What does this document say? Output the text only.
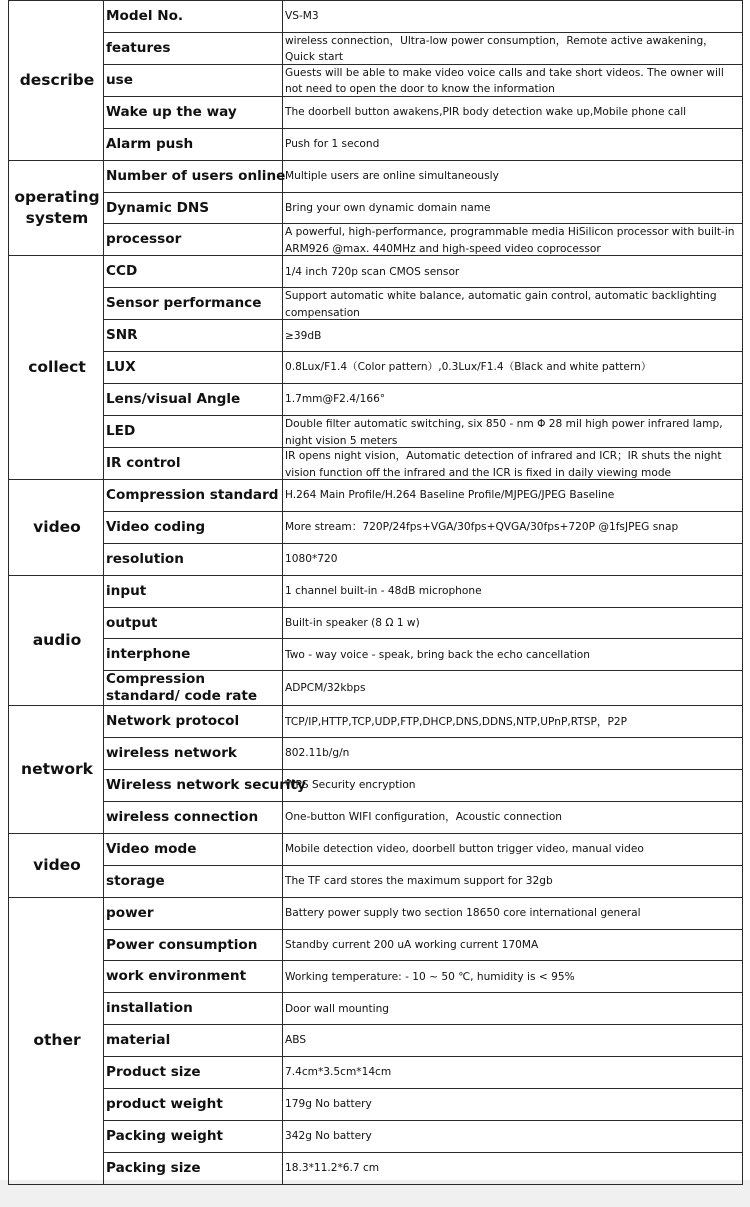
describe	Model No.	VS-M3

	features	wireless connection，Ultra-low power consumption，Remote active awakening，Quick start

	use	Guests will be able to make video voice calls and take short videos. The owner will not need to open the door to know the information

	Wake up the way	The doorbell button awakens,PIR body detection wake up,Mobile phone call

	Alarm push	Push for 1 second

operating system	Number of users online	Multiple users are online simultaneously

	Dynamic DNS	Bring your own dynamic domain name

	processor	A powerful, high-performance, programmable media HiSilicon processor with built-in ARM926 @max. 440MHz and high-speed video coprocessor

collect	CCD	1/4 inch 720p scan CMOS sensor

	Sensor performance	Support automatic white balance, automatic gain control, automatic backlighting compensation

	SNR	≥39dB

	LUX	0.8Lux/F1.4（Color pattern）,0.3Lux/F1.4（Black and white pattern）

	Lens/visual Angle	1.7mm@F2.4/166°

	LED	Double filter automatic switching, six 850 - nm Φ 28 mil high power infrared lamp, night vision 5 meters

	IR control	IR opens night vision，Automatic detection of infrared and ICR；IR shuts the night vision function off the infrared and the ICR is fixed in daily viewing mode

video	Compression standard	H.264 Main Profile/H.264 Baseline Profile/MJPEG/JPEG Baseline

	Video coding	More stream：720P/24fps+VGA/30fps+QVGA/30fps+720P @1fsJPEG snap

	resolution	1080*720

audio	input	1 channel built-in - 48dB microphone

	output	Built-in speaker (8 Ω 1 w)

	interphone	Two - way voice - speak, bring back the echo cancellation

	Compression standard/ code rate	ADPCM/32kbps

network	Network protocol	TCP/IP,HTTP,TCP,UDP,FTP,DHCP,DNS,DDNS,NTP,UPnP,RTSP，P2P

	wireless network	802.11b/g/n

	Wireless network security	WPS Security encryption

	wireless connection	One-button WIFI configuration，Acoustic connection

video	Video mode	Mobile detection video, doorbell button trigger video, manual video

	storage	The TF card stores the maximum support for 32gb

other	power	Battery power supply two section 18650 core international general

	Power consumption	Standby current 200 uA working current 170MA

	work environment	Working temperature: - 10 ~ 50 ℃, humidity is < 95%

	installation	Door wall mounting

	material	ABS

	Product size	7.4cm*3.5cm*14cm

	product weight	179g No battery

	Packing weight	342g No battery

	Packing size	18.3*11.2*6.7 cm
